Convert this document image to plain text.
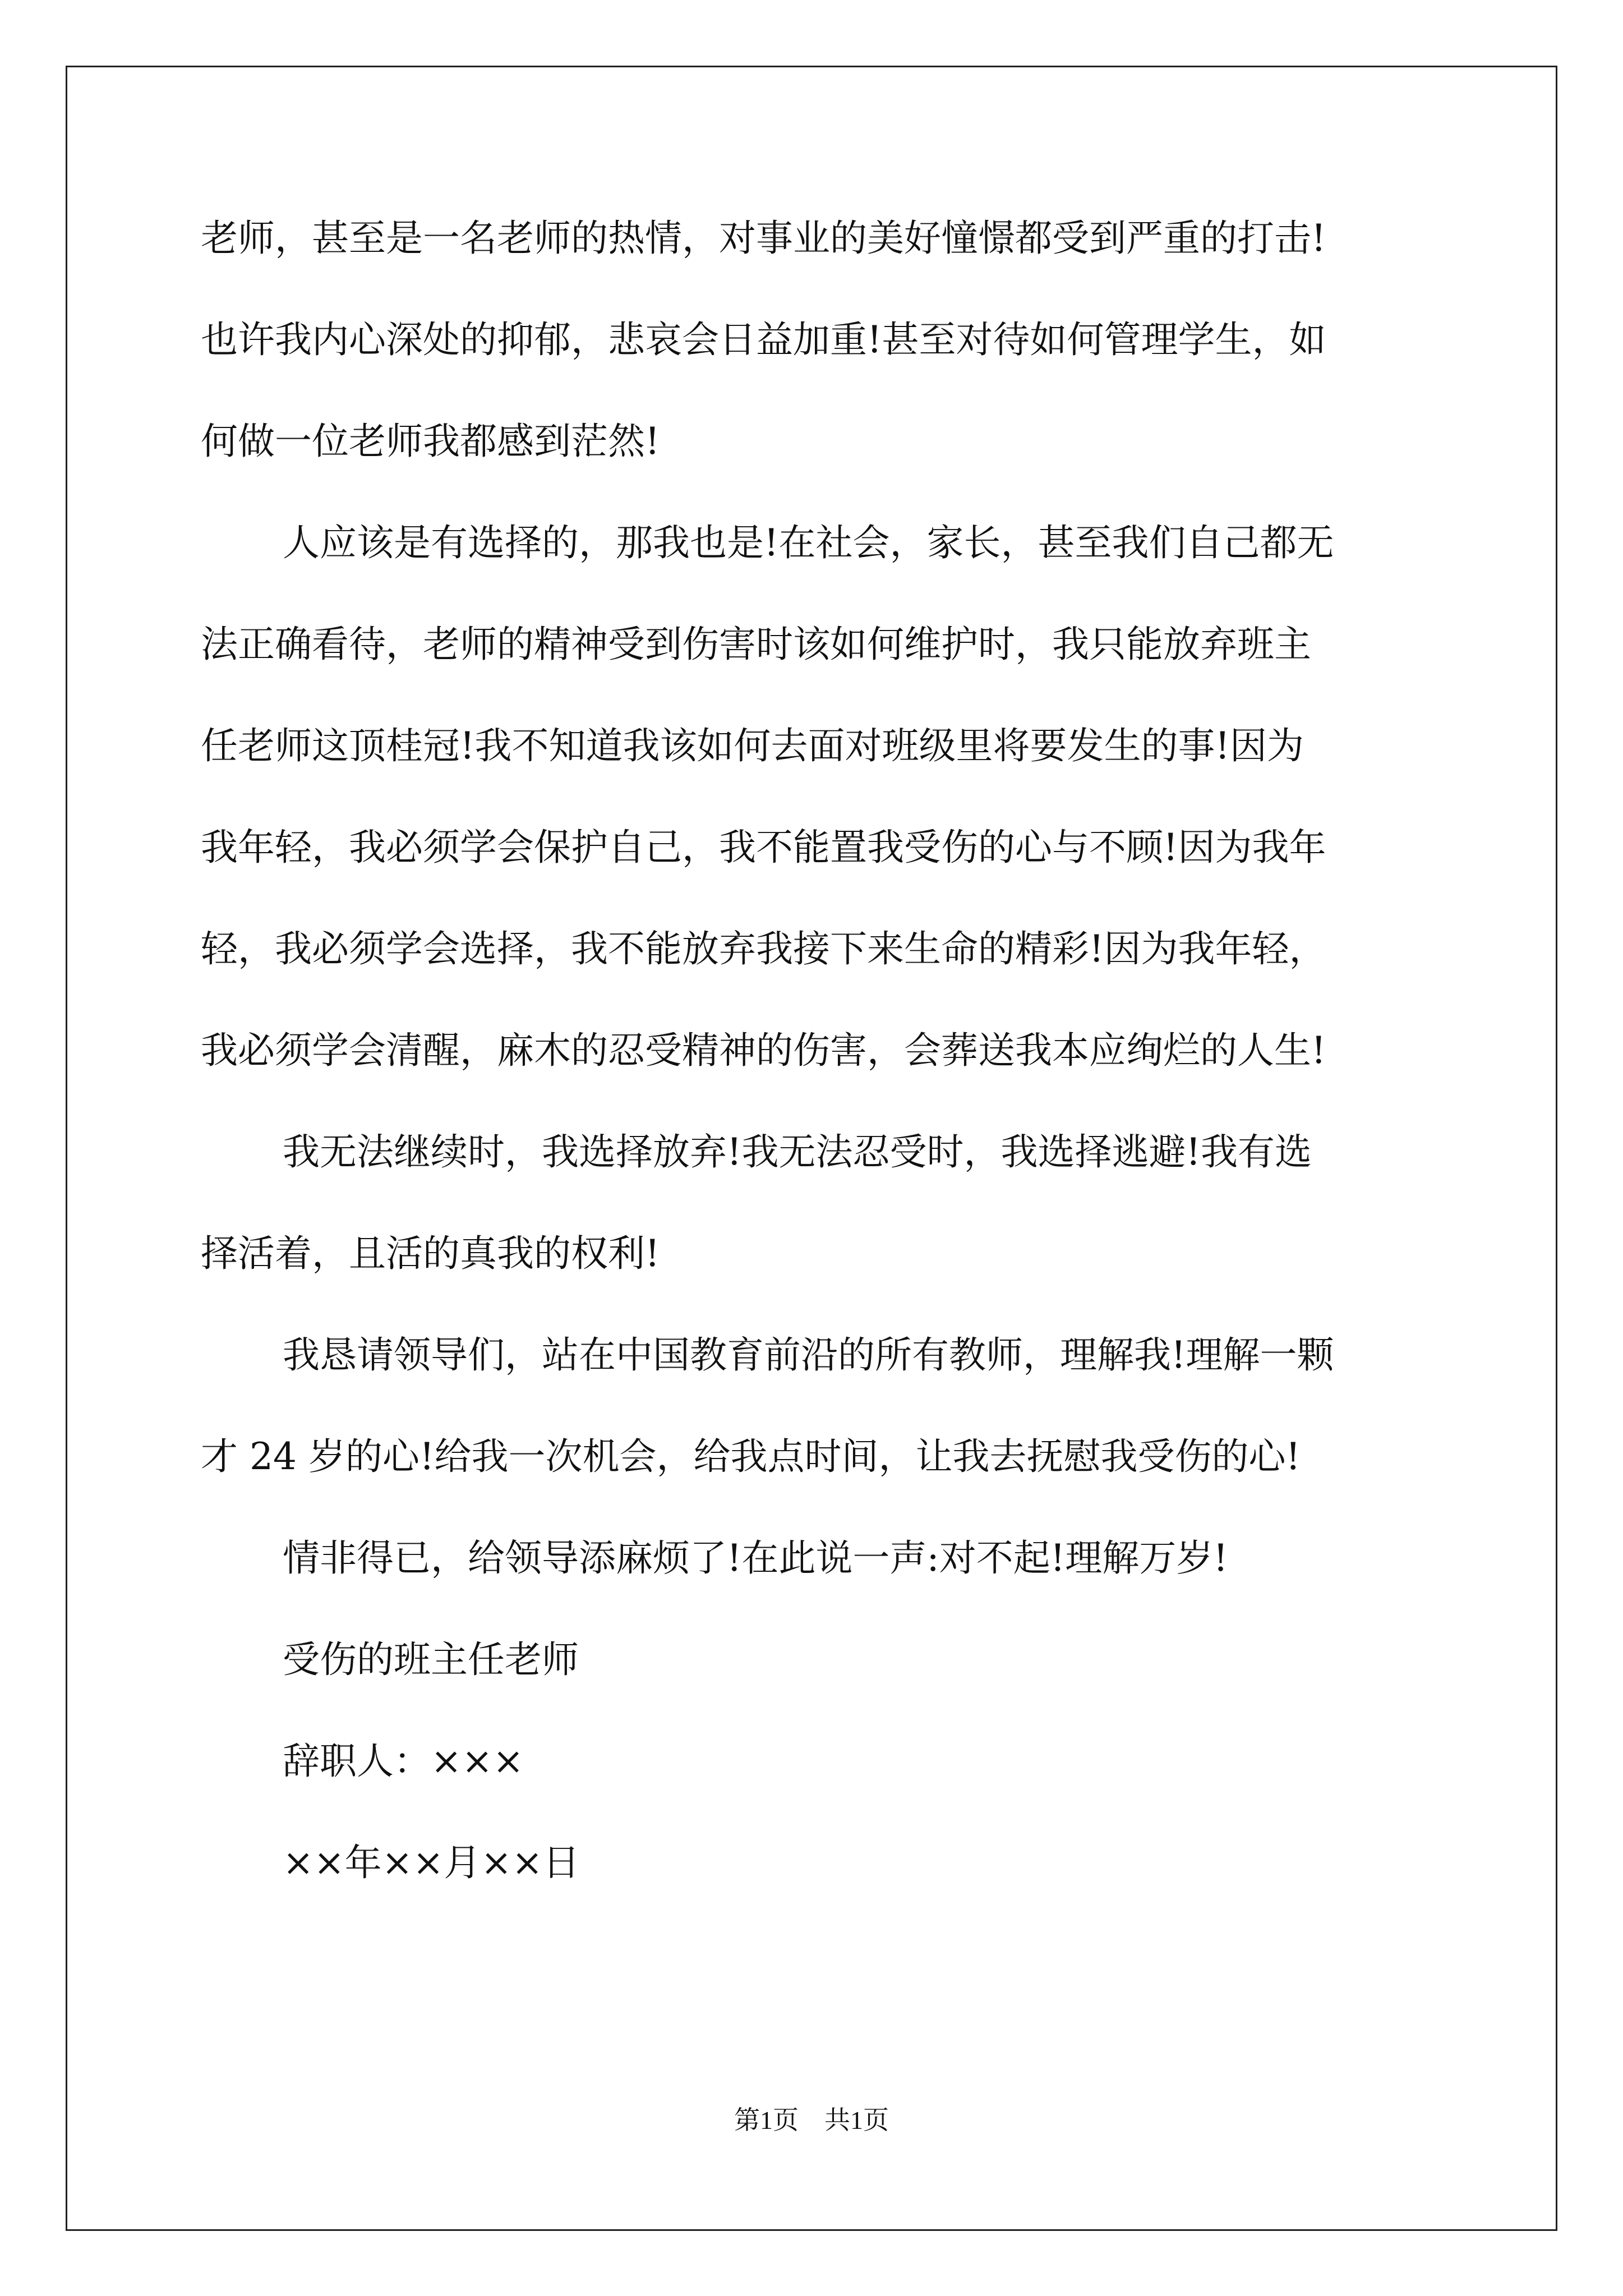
老师，甚至是一名老师的热情，对事业的美好憧憬都受到严重的打击!
也许我内心深处的抑郁，悲哀会日益加重!甚至对待如何管理学生，如
何做一位老师我都感到茫然!
人应该是有选择的，那我也是!在社会，家长，甚至我们自己都无
法正确看待，老师的精神受到伤害时该如何维护时，我只能放弃班主
任老师这顶桂冠!我不知道我该如何去面对班级里将要发生的事!因为
我年轻，我必须学会保护自己，我不能置我受伤的心与不顾!因为我年
轻，我必须学会选择，我不能放弃我接下来生命的精彩!因为我年轻，
我必须学会清醒，麻木的忍受精神的伤害，会葬送我本应绚烂的人生!
我无法继续时，我选择放弃!我无法忍受时，我选择逃避!我有选
择活着，且活的真我的权利!
我恳请领导们，站在中国教育前沿的所有教师，理解我!理解一颗
才 24 岁的心!给我一次机会，给我点时间，让我去抚慰我受伤的心!
情非得已，给领导添麻烦了!在此说一声:对不起!理解万岁!
受伤的班主任老师
辞职人：×××
××年××月××日
第1页　共1页
